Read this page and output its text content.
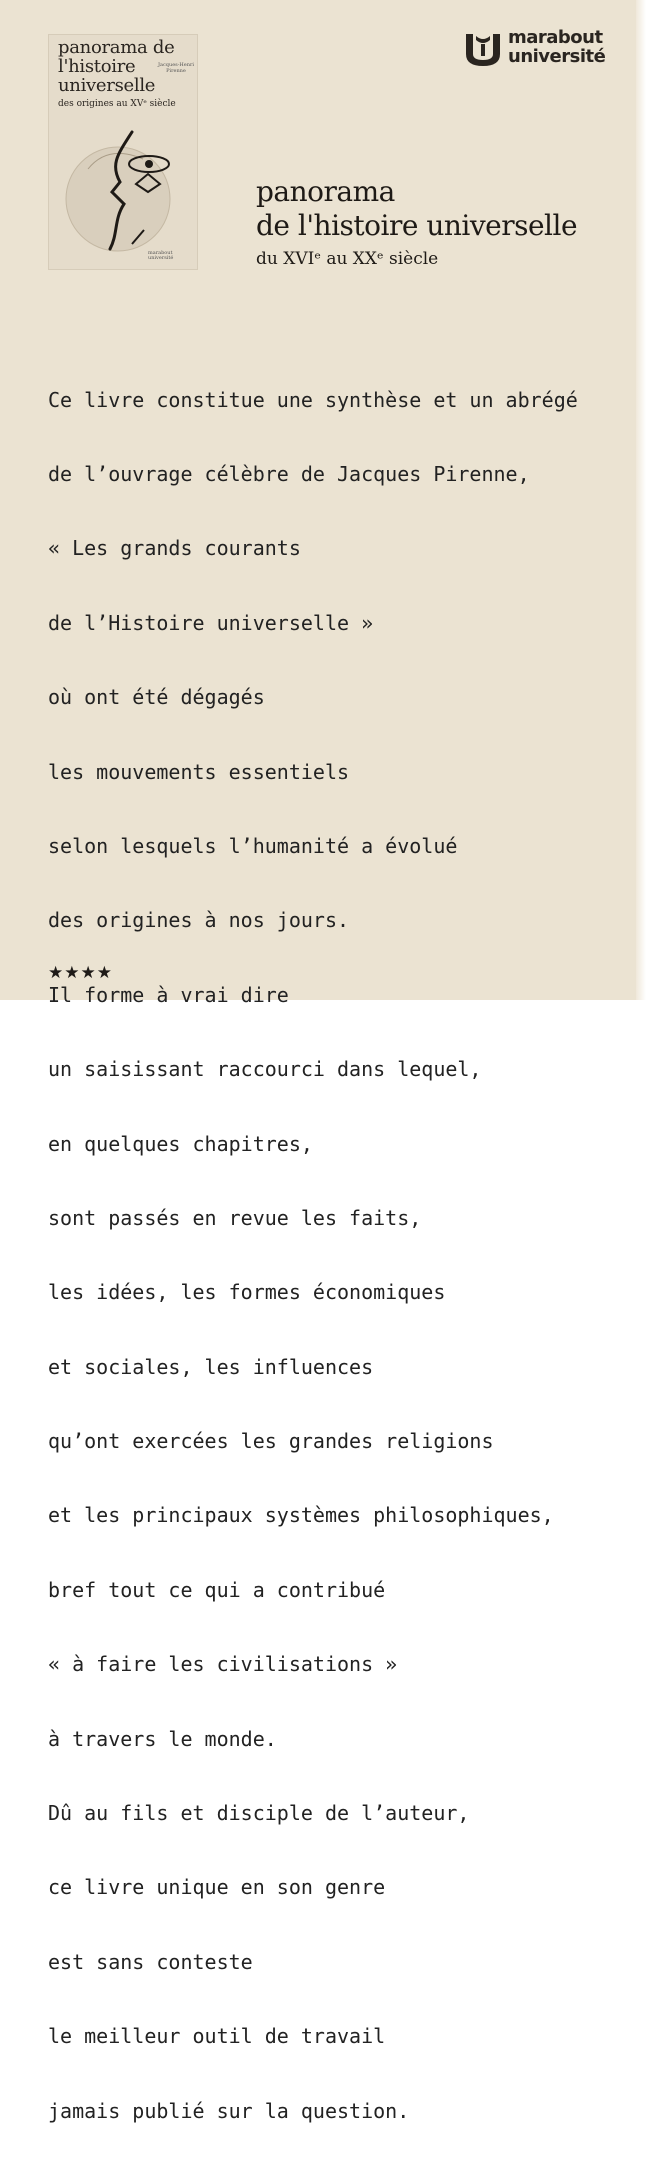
panorama de
l'histoire
universelle
des origines au XVᵉ siècle
Jacques-Henri Pirenne
marabout université
marabout
université
panorama
de l'histoire universelle
du XVIᵉ au XXᵉ siècle

Ce livre constitue une synthèse et un abrégé

de l’ouvrage célèbre de Jacques Pirenne,

« Les grands courants

de l’Histoire universelle »

où ont été dégagés

les mouvements essentiels

selon lesquels l’humanité a évolué

des origines à nos jours.

Il forme à vrai dire

un saisissant raccourci dans lequel,

en quelques chapitres,

sont passés en revue les faits,

les idées, les formes économiques

et sociales, les influences

qu’ont exercées les grandes religions

et les principaux systèmes philosophiques,

bref tout ce qui a contribué

« à faire les civilisations »

à travers le monde.

Dû au fils et disciple de l’auteur,

ce livre unique en son genre

est sans conteste

le meilleur outil de travail

jamais publié sur la question.

★★★★
